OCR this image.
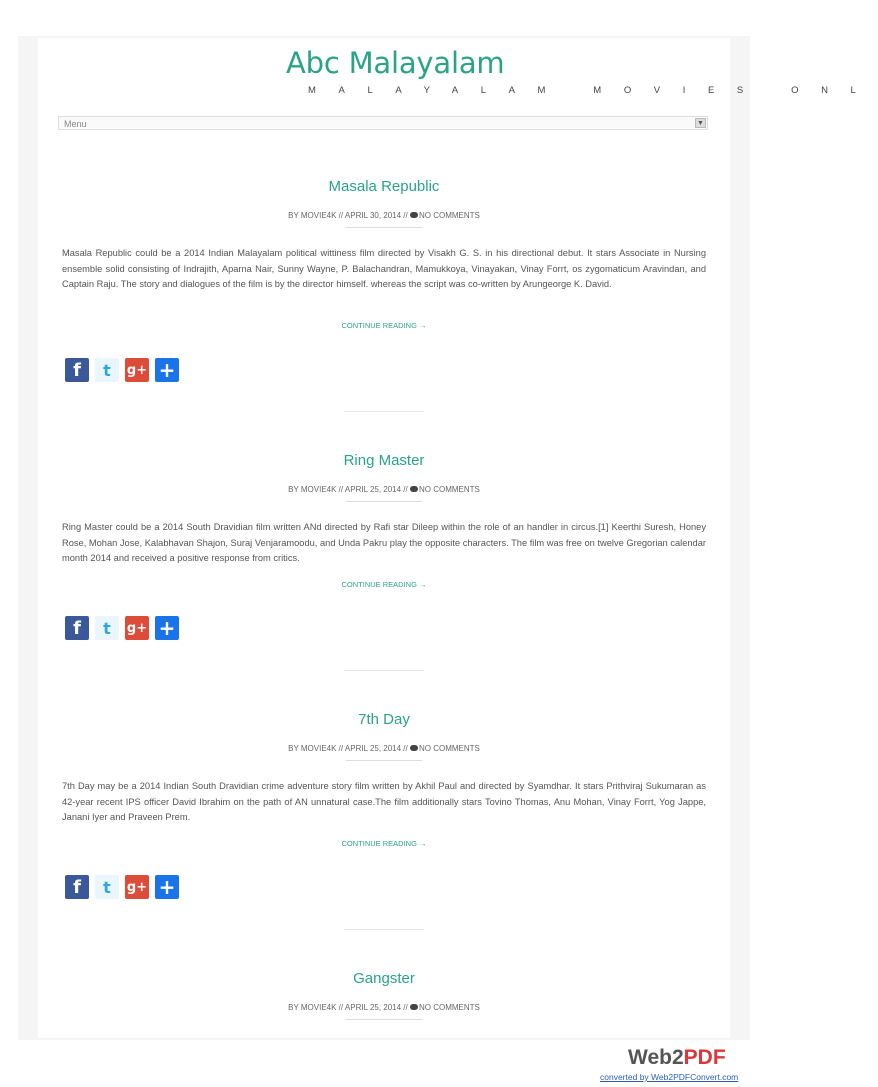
Abc Malayalam
MALAYALAM MOVIES ONL
Menu	▼
Masala Republic
BY MOVIE4K // APRIL 30, 2014 // NO COMMENTS
Masala Republic could be a 2014 Indian Malayalam political wittiness film directed by Visakh G. S. in his directional debut. It stars Associate in Nursing ensemble solid consisting of Indrajith, Aparna Nair, Sunny Wayne, P. Balachandran, Mamukkoya, Vinayakan, Vinay Forrt, os zygomaticum Aravindan, and Captain Raju. The story and dialogues of the film is by the director himself. whereas the script was co-written by Arungeorge K. David.
CONTINUE READING →
f	t	g+ +
Ring Master
BY MOVIE4K // APRIL 25, 2014 // NO COMMENTS
Ring Master could be a 2014 South Dravidian film written ANd directed by Rafi star Dileep within the role of an handler in circus.[1] Keerthi Suresh, Honey Rose, Mohan Jose, Kalabhavan Shajon, Suraj Venjaramoodu, and Unda Pakru play the opposite characters. The film was free on twelve Gregorian calendar month 2014 and received a positive response from critics.
CONTINUE READING →
f	t	g+ +
7th Day
BY MOVIE4K // APRIL 25, 2014 // NO COMMENTS
7th Day may be a 2014 Indian South Dravidian crime adventure story film written by Akhil Paul and directed by Syamdhar. It stars Prithviraj Sukumaran as 42-year recent IPS officer David Ibrahim on the path of AN unnatural case.The film additionally stars Tovino Thomas, Anu Mohan, Vinay Forrt, Yog Jappe, Janani Iyer and Praveen Prem.
CONTINUE READING →
f	t	g+ +
Gangster
BY MOVIE4K // APRIL 25, 2014 // NO COMMENTS
Web2PDF
converted by Web2PDFConvert.com
